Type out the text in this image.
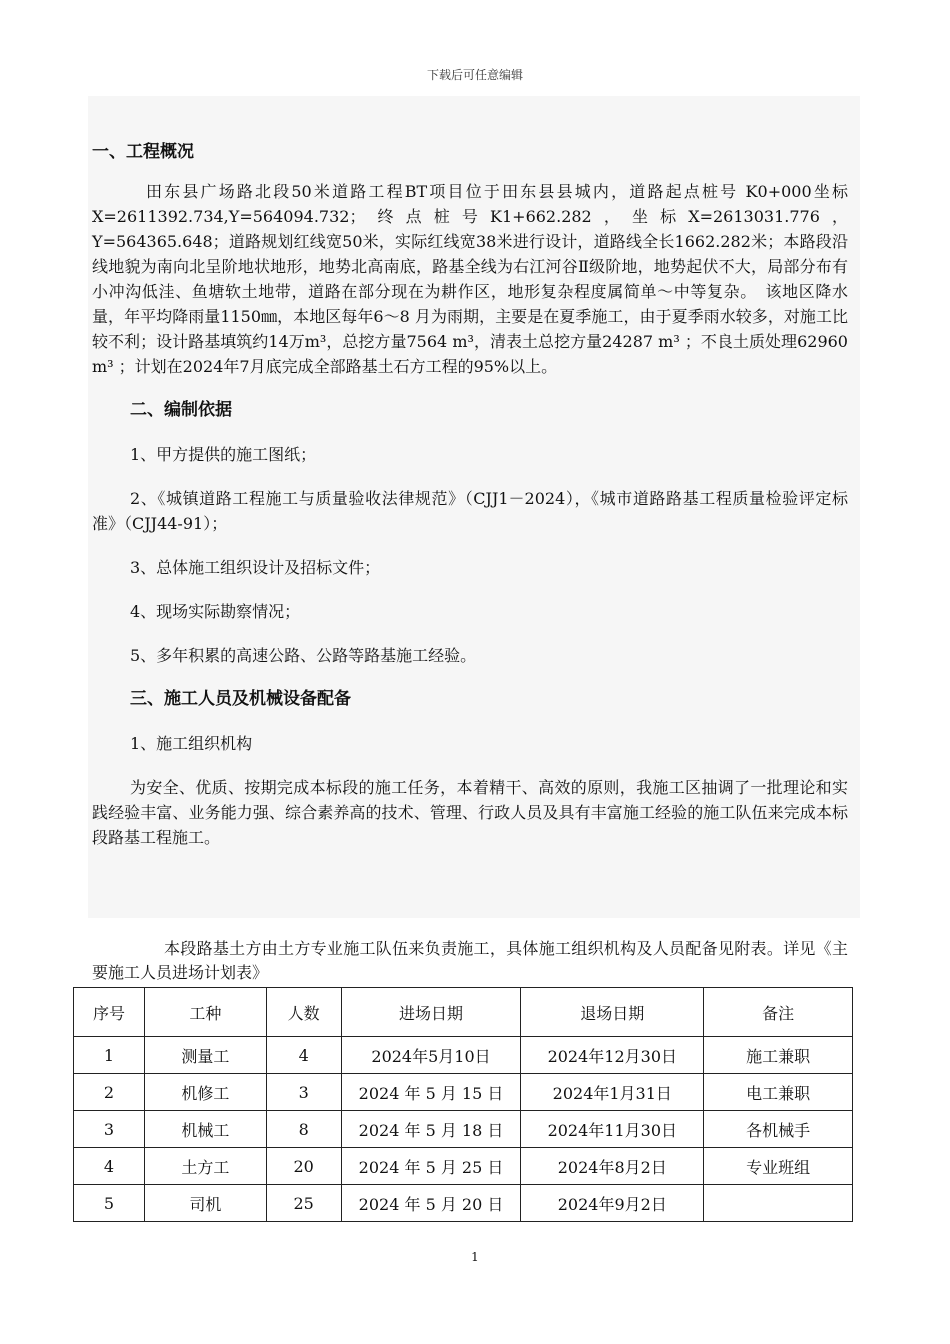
下载后可任意编辑

一、工程概况

田东县广场路北段50米道路工程BT项目位于田东县县城内，道路起点桩号 K0+000坐标X=2611392.734,Y=564094.732；终点桩号K1+662.282，坐标X=2613031.776，Y=564365.648；道路规划红线宽50米，实际红线宽38米进行设计，道路线全长1662.282米；本路段沿线地貌为南向北呈阶地状地形，地势北高南底，路基全线为右江河谷Ⅱ级阶地，地势起伏不大，局部分布有小冲沟低洼、鱼塘软土地带，道路在部分现在为耕作区，地形复杂程度属简单～中等复杂。　该地区降水量，年平均降雨量1150㎜，本地区每年6～8 月为雨期，主要是在夏季施工，由于夏季雨水较多，对施工比较不利；设计路基填筑约14万m³，总挖方量7564 m³，清表土总挖方量24287 m³ ；不良土质处理62960 m³ ；计划在2024年7月底完成全部路基土石方工程的95%以上。

二、编制依据

1、甲方提供的施工图纸；

2、《城镇道路工程施工与质量验收法律规范》（CJJ1－2024），《城市道路路基工程质量检验评定标准》（CJJ44-91）；

3、总体施工组织设计及招标文件；

4、现场实际勘察情况；

5、多年积累的高速公路、公路等路基施工经验。

三、施工人员及机械设备配备

1、施工组织机构

为安全、优质、按期完成本标段的施工任务，本着精干、高效的原则，我施工区抽调了一批理论和实践经验丰富、业务能力强、综合素养高的技术、管理、行政人员及具有丰富施工经验的施工队伍来完成本标段路基工程施工。

本段路基土方由土方专业施工队伍来负责施工，具体施工组织机构及人员配备见附表。详见《主要施工人员进场计划表》

序号	工种	人数	进场日期	退场日期	备注
1	测量工	4	2024年5月10日	2024年12月30日	施工兼职
2	机修工	3	2024 年 5 月 15 日	2024年1月31日	电工兼职
3	机械工	8	2024 年 5 月 18 日	2024年11月30日	各机械手
4	土方工	20	2024 年 5 月 25 日	2024年8月2日	专业班组
5	司机	25	2024 年 5 月 20 日	2024年9月2日	
1
